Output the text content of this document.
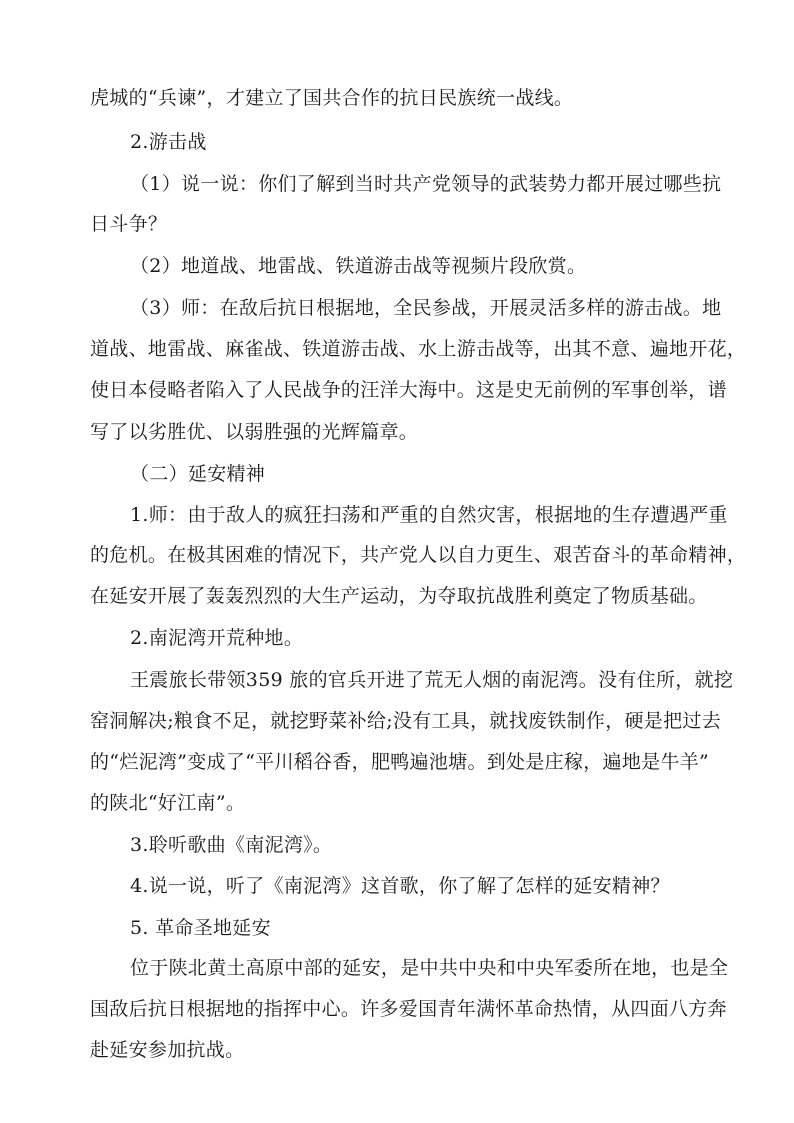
虎城的“兵谏”，才建立了国共合作的抗日民族统一战线。
2.游击战
（1）说一说：你们了解到当时共产党领导的武装势力都开展过哪些抗
日斗争？
（2）地道战、地雷战、铁道游击战等视频片段欣赏。
（3）师：在敌后抗日根据地，全民参战，开展灵活多样的游击战。地
道战、地雷战、麻雀战、铁道游击战、水上游击战等，出其不意、遍地开花，
使日本侵略者陷入了人民战争的汪洋大海中。这是史无前例的军事创举，谱
写了以劣胜优、以弱胜强的光辉篇章。
（二）延安精神
1.师：由于敌人的疯狂扫荡和严重的自然灾害，根据地的生存遭遇严重
的危机。在极其困难的情况下，共产党人以自力更生、艰苦奋斗的革命精神，
在延安开展了轰轰烈烈的大生产运动，为夺取抗战胜利奠定了物质基础。
2.南泥湾开荒种地。
王震旅长带领359 旅的官兵开进了荒无人烟的南泥湾。没有住所，就挖
窑洞解决;粮食不足，就挖野菜补给;没有工具，就找废铁制作，硬是把过去
的“烂泥湾”变成了“平川稻谷香，肥鸭遍池塘。到处是庄稼，遍地是牛羊”
的陕北“好江南”。
3.聆听歌曲《南泥湾》。
4.说一说，听了《南泥湾》这首歌，你了解了怎样的延安精神？
5. 革命圣地延安
位于陕北黄土高原中部的延安，是中共中央和中央军委所在地，也是全
国敌后抗日根据地的指挥中心。许多爱国青年满怀革命热情，从四面八方奔
赴延安参加抗战。
